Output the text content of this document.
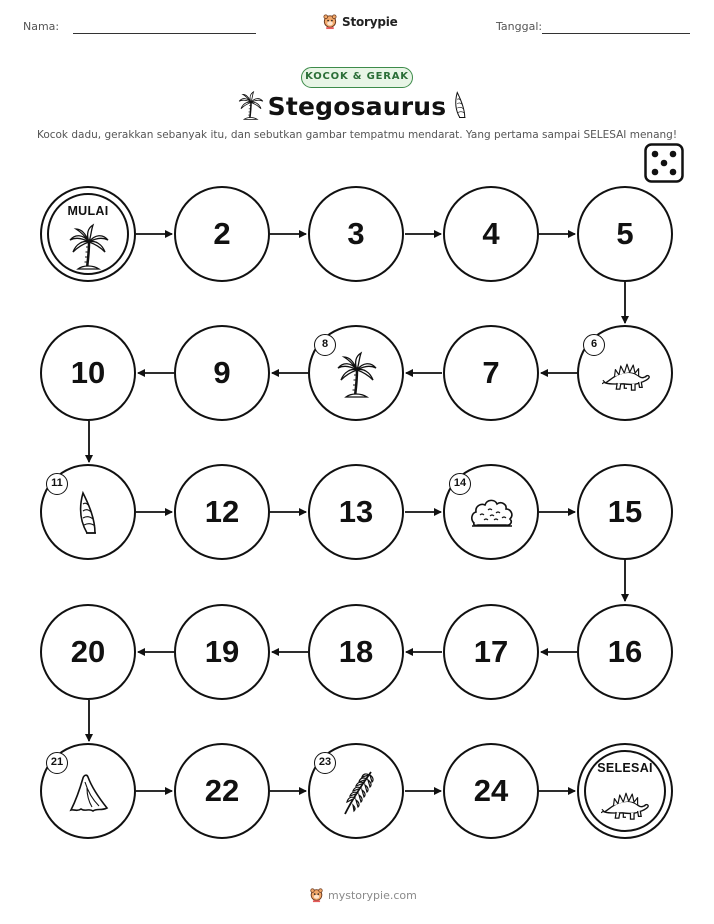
Nama:	Storypie	Tanggal:
KOCOK & GERAK
Stegosaurus
Kocok dadu, gerakkan sebanyak itu, dan sebutkan gambar tempatmu mendarat. Yang pertama sampai SELESAI menang!
MULAI
2	3	4	5
10	9
8
7
6
11
12	13
14
15
20	19	18	17	16
21
22
23
24
SELESAI
mystorypie.com
